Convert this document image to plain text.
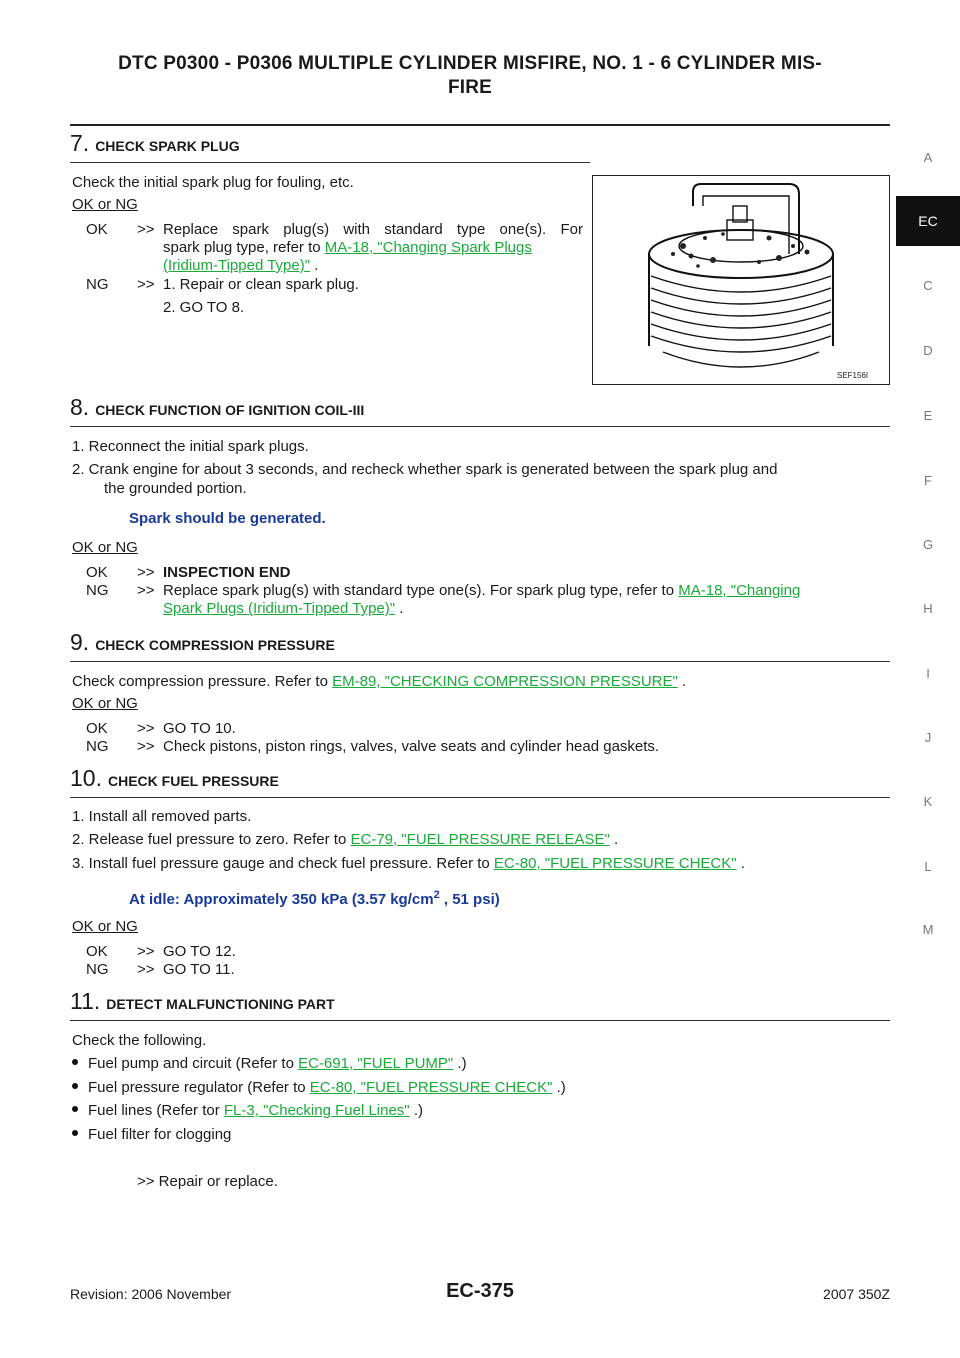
DTC P0300 - P0306 MULTIPLE CYLINDER MISFIRE, NO. 1 - 6 CYLINDER MIS-
FIRE
A
EC
C
D
E
F
G
H
I
J
K
L
M
7. CHECK SPARK PLUG
Check the initial spark plug for fouling, etc.
OK or NG
OK >> Replace spark plug(s) with standard type one(s). For
spark plug type, refer to MA-18, "Changing Spark Plugs
(Iridium-Tipped Type)" .
NG >> 1. Repair or clean spark plug.
2. GO TO 8.
SEF156I
8. CHECK FUNCTION OF IGNITION COIL-III
1. Reconnect the initial spark plugs.
2. Crank engine for about 3 seconds, and recheck whether spark is generated between the spark plug and
the grounded portion.
Spark should be generated.
OK or NG
OK >> INSPECTION END
NG >> Replace spark plug(s) with standard type one(s). For spark plug type, refer to MA-18, "Changing
Spark Plugs (Iridium-Tipped Type)" .
9. CHECK COMPRESSION PRESSURE
Check compression pressure. Refer to EM-89, "CHECKING COMPRESSION PRESSURE" .
OK or NG
OK >> GO TO 10.
NG >> Check pistons, piston rings, valves, valve seats and cylinder head gaskets.
10. CHECK FUEL PRESSURE
1. Install all removed parts.
2. Release fuel pressure to zero. Refer to EC-79, "FUEL PRESSURE RELEASE" .
3. Install fuel pressure gauge and check fuel pressure. Refer to EC-80, "FUEL PRESSURE CHECK" .
At idle: Approximately 350 kPa (3.57 $kg/cm^2$ , 51 psi)
OK or NG
OK >> GO TO 12.
NG >> GO TO 11.
11. DETECT MALFUNCTIONING PART
Check the following.
Fuel pump and circuit (Refer to EC-691, "FUEL PUMP" .)
Fuel pressure regulator (Refer to EC-80, "FUEL PRESSURE CHECK" .)
Fuel lines (Refer tor FL-3, "Checking Fuel Lines" .)
Fuel filter for clogging
>> Repair or replace.
Revision: 2006 November	EC-375	2007 350Z
